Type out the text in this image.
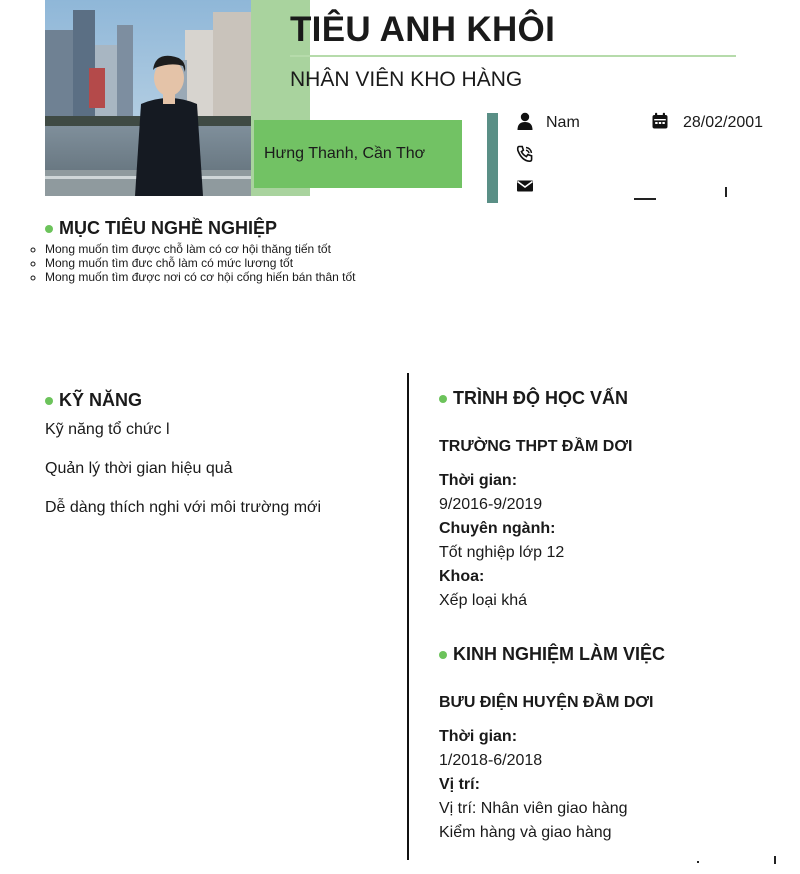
Hưng Thanh, Cần Thơ
TIÊU ANH KHÔI
NHÂN VIÊN KHO HÀNG
Nam	28/02/2001
MỤC TIÊU NGHỀ NGHIỆP
◦ Mong muốn tìm được chỗ làm có cơ hội thăng tiến tốt
◦ Mong muốn tìm đưc chỗ làm có mức lương tốt
◦ Mong muốn tìm được nơi có cơ hội cống hiến bán thân tốt
KỸ NĂNG
Kỹ năng tổ chức l
Quản lý thời gian hiệu quả
Dễ dàng thích nghi với môi trường mới
TRÌNH ĐỘ HỌC VẤN
TRƯỜNG THPT ĐẦM DƠI
Thời gian:
9/2016-9/2019
Chuyên ngành:
Tốt nghiệp lớp 12
Khoa:
Xếp loại khá
KINH NGHIỆM LÀM VIỆC
BƯU ĐIỆN HUYỆN ĐẦM DƠI
Thời gian:
1/2018-6/2018
Vị trí:
Vị trí: Nhân viên giao hàng
Kiểm hàng và giao hàng
